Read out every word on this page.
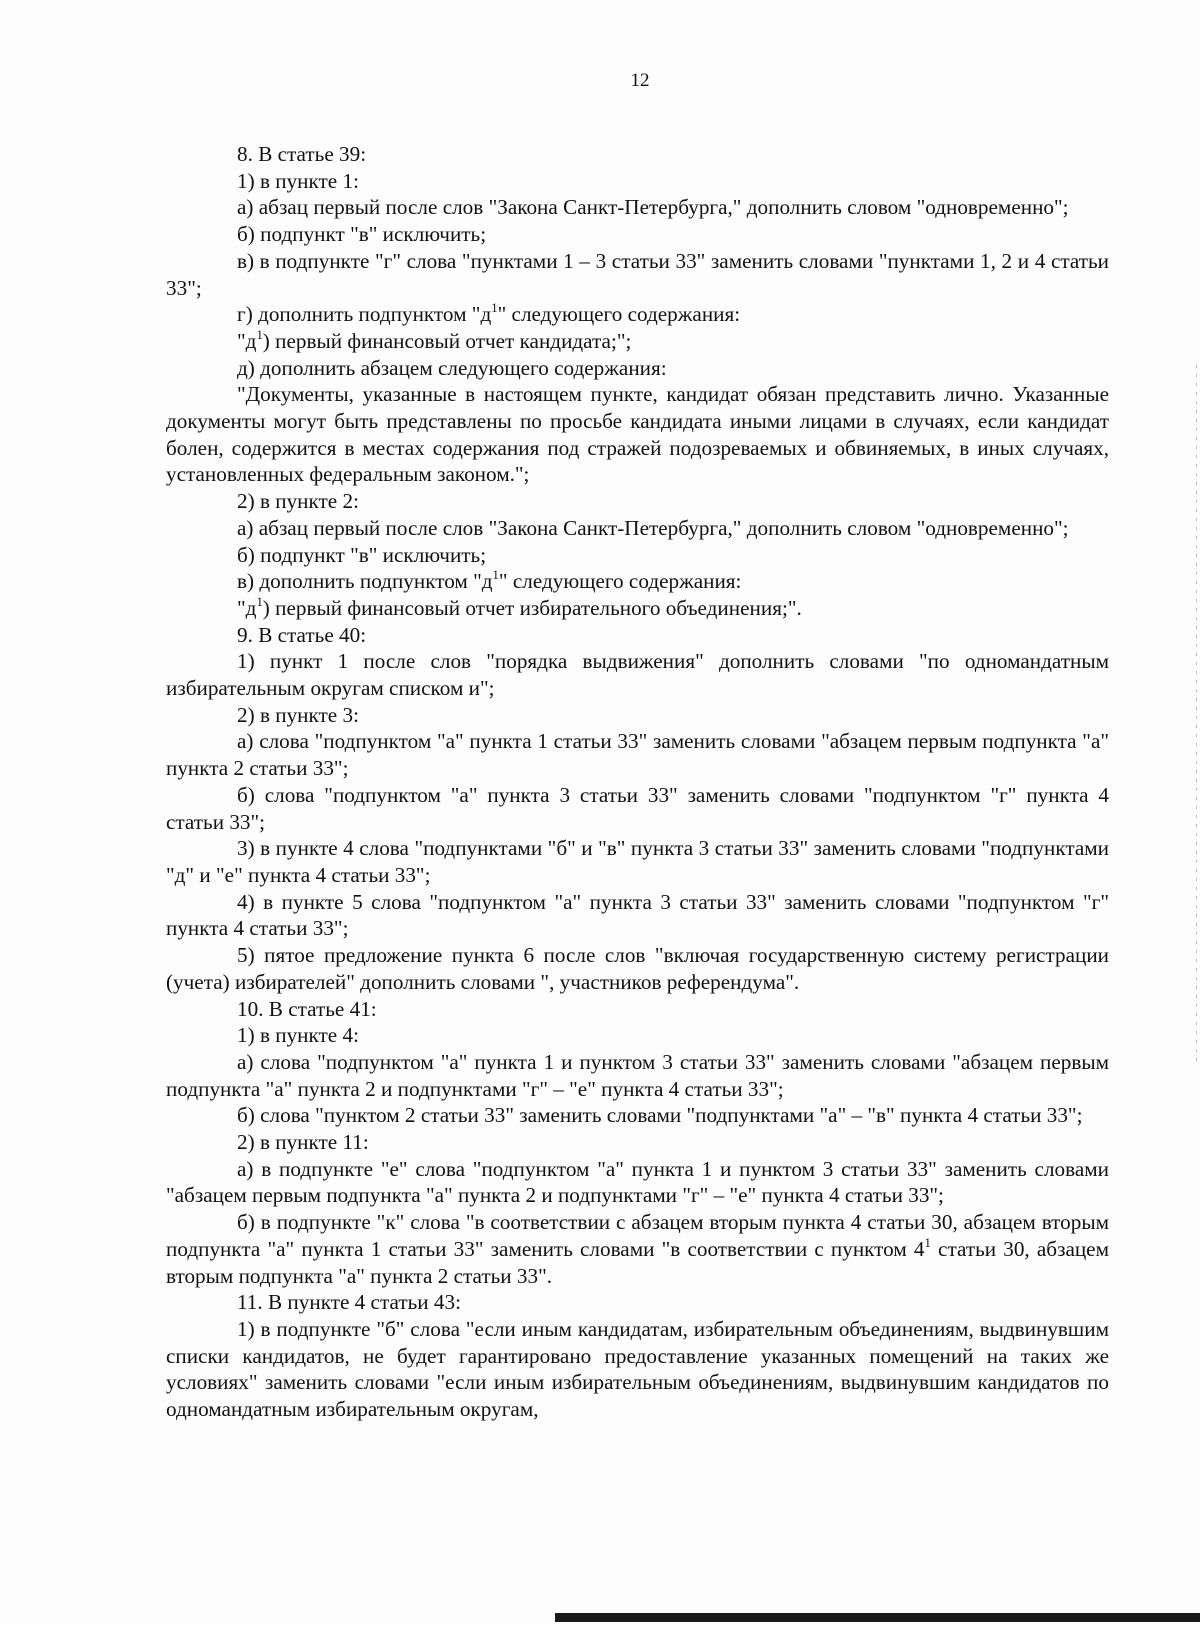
12

8. В статье 39:

1) в пункте 1:

а) абзац первый после слов "Закона Санкт-Петербурга," дополнить словом "одновременно";

б) подпункт "в" исключить;

в) в подпункте "г" слова "пунктами 1 – 3 статьи 33" заменить словами "пунктами 1, 2 и 4 статьи 33";

г) дополнить подпунктом "$д^1$" следующего содержания:

"$д^1$) первый финансовый отчет кандидата;";

д) дополнить абзацем следующего содержания:

"Документы, указанные в настоящем пункте, кандидат обязан представить лично. Указанные документы могут быть представлены по просьбе кандидата иными лицами в случаях, если кандидат болен, содержится в местах содержания под стражей подозреваемых и обвиняемых, в иных случаях, установленных федеральным законом.";

2) в пункте 2:

а) абзац первый после слов "Закона Санкт-Петербурга," дополнить словом "одновременно";

б) подпункт "в" исключить;

в) дополнить подпунктом "$д^1$" следующего содержания:

"$д^1$) первый финансовый отчет избирательного объединения;".

9. В статье 40:

1) пункт 1 после слов "порядка выдвижения" дополнить словами "по одномандатным избирательным округам списком и";

2) в пункте 3:

а) слова "подпунктом "а" пункта 1 статьи 33" заменить словами "абзацем первым подпункта "а" пункта 2 статьи 33";

б) слова "подпунктом "а" пункта 3 статьи 33" заменить словами "подпунктом "г" пункта 4 статьи 33";

3) в пункте 4 слова "подпунктами "б" и "в" пункта 3 статьи 33" заменить словами "подпунктами "д" и "е" пункта 4 статьи 33";

4) в пункте 5 слова "подпунктом "а" пункта 3 статьи 33" заменить словами "подпунктом "г" пункта 4 статьи 33";

5) пятое предложение пункта 6 после слов "включая государственную систему регистрации (учета) избирателей" дополнить словами ", участников референдума".

10. В статье 41:

1) в пункте 4:

а) слова "подпунктом "а" пункта 1 и пунктом 3 статьи 33" заменить словами "абзацем первым подпункта "а" пункта 2 и подпунктами "г" – "е" пункта 4 статьи 33";

б) слова "пунктом 2 статьи 33" заменить словами "подпунктами "а" – "в" пункта 4 статьи 33";

2) в пункте 11:

а) в подпункте "е" слова "подпунктом "а" пункта 1 и пунктом 3 статьи 33" заменить словами "абзацем первым подпункта "а" пункта 2 и подпунктами "г" – "е" пункта 4 статьи 33";

б) в подпункте "к" слова "в соответствии с абзацем вторым пункта 4 статьи 30, абзацем вторым подпункта "а" пункта 1 статьи 33" заменить словами "в соответствии с пунктом $4^1$ статьи 30, абзацем вторым подпункта "а" пункта 2 статьи 33".

11. В пункте 4 статьи 43:

1) в подпункте "б" слова "если иным кандидатам, избирательным объединениям, выдвинувшим списки кандидатов, не будет гарантировано предоставление указанных помещений на таких же условиях" заменить словами "если иным избирательным объединениям, выдвинувшим кандидатов по одномандатным избирательным округам,
